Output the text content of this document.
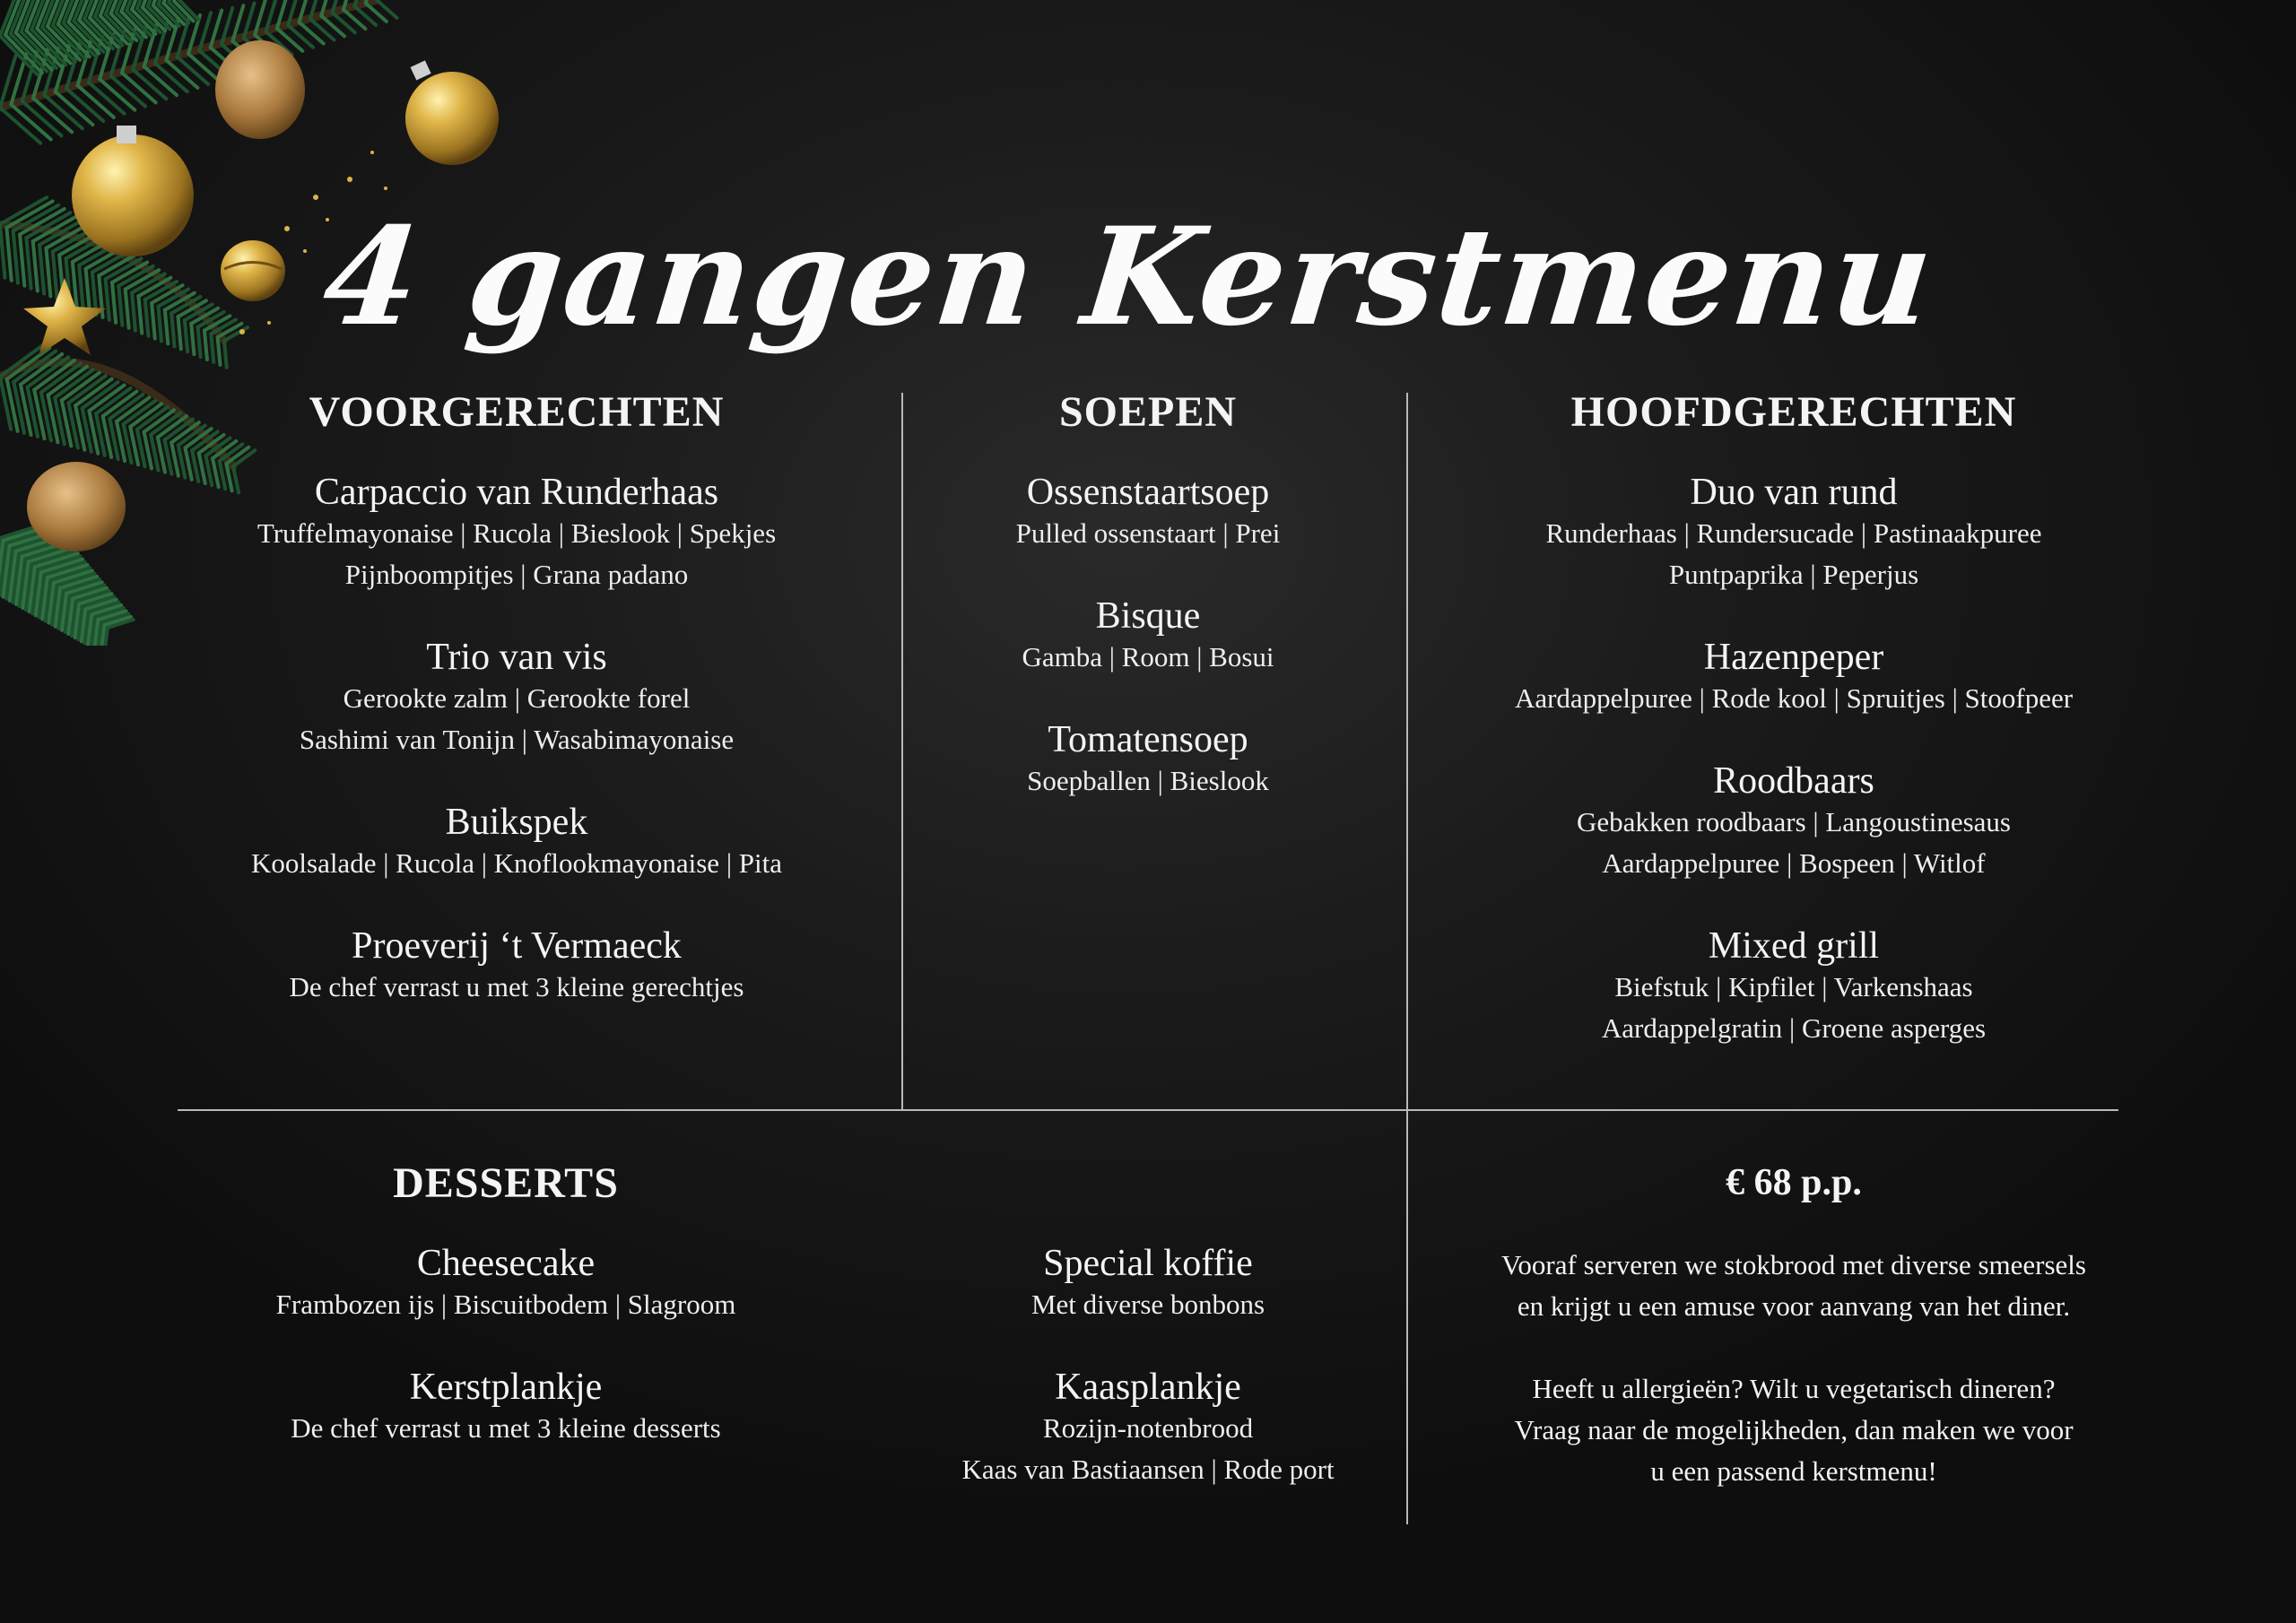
4 gangen Kerstmenu
VOORGERECHTEN

Carpaccio van Runderhaas

Truffelmayonaise | Rucola | Bieslook | Spekjes

Pijnboompitjes | Grana padano

Trio van vis

Gerookte zalm | Gerookte forel

Sashimi van Tonijn | Wasabimayonaise

Buikspek

Koolsalade | Rucola | Knoflookmayonaise | Pita

Proeverij ‘t Vermaeck

De chef verrast u met 3 kleine gerechtjes

SOEPEN

Ossenstaartsoep

Pulled ossenstaart | Prei

Bisque

Gamba | Room | Bosui

Tomatensoep

Soepballen | Bieslook

HOOFDGERECHTEN

Duo van rund

Runderhaas | Rundersucade | Pastinaakpuree

Puntpaprika | Peperjus

Hazenpeper

Aardappelpuree | Rode kool | Spruitjes | Stoofpeer

Roodbaars

Gebakken roodbaars | Langoustinesaus

Aardappelpuree | Bospeen | Witlof

Mixed grill

Biefstuk | Kipfilet | Varkenshaas

Aardappelgratin | Groene asperges

DESSERTS

Cheesecake

Frambozen ijs | Biscuitbodem | Slagroom

Kerstplankje

De chef verrast u met 3 kleine desserts

Special koffie

Met diverse bonbons

Kaasplankje

Rozijn-notenbrood

Kaas van Bastiaansen | Rode port

€ 68 p.p.

Vooraf serveren we stokbrood met diverse smeersels

en krijgt u een amuse voor aanvang van het diner.

Heeft u allergieën? Wilt u vegetarisch dineren?

Vraag naar de mogelijkheden, dan maken we voor

u een passend kerstmenu!
